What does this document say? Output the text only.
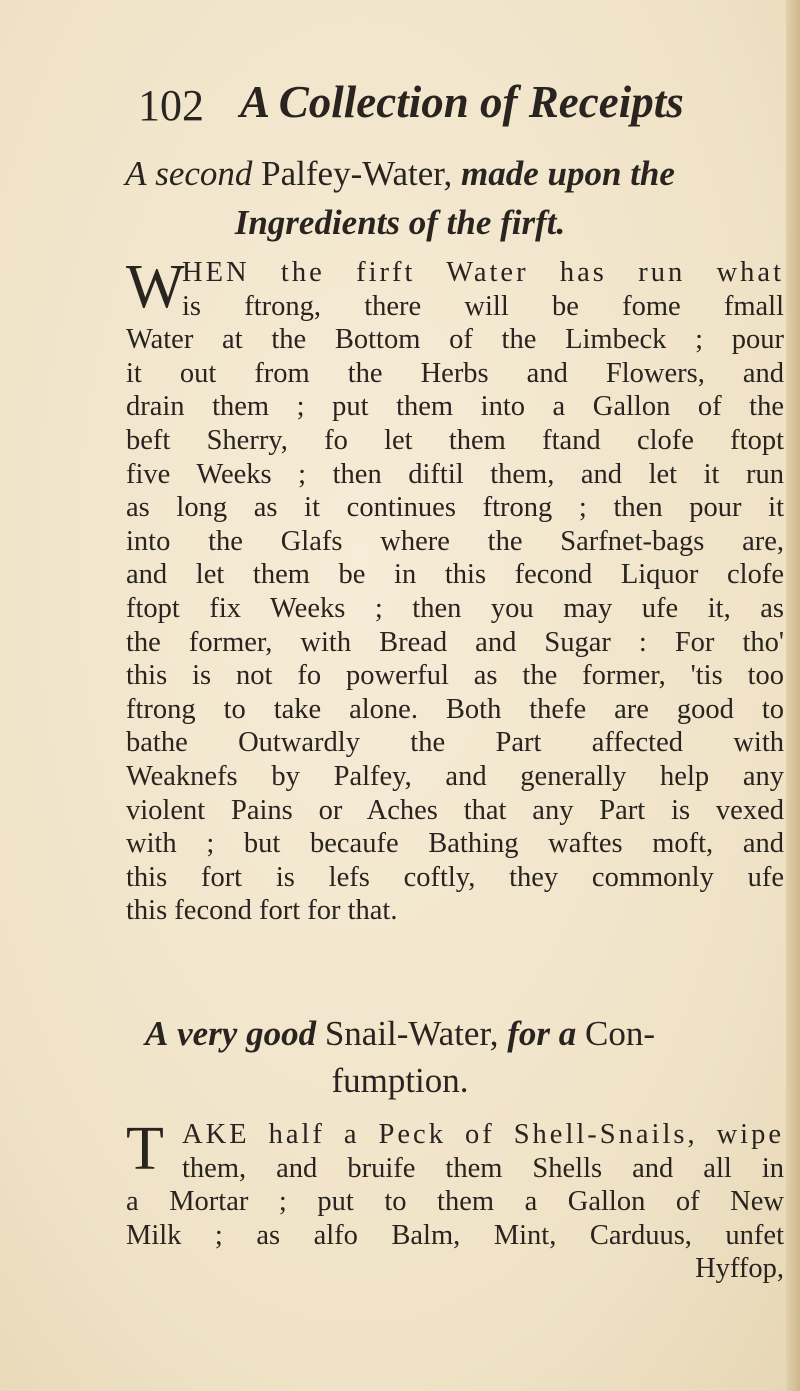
102 A Collection of Receipts
A second Palfey-Water, made upon the
Ingredients of the firft.
W
HEN the firft Water has run what
is ftrong, there will be fome fmall
Water at the Bottom of the Limbeck ; pour
it out from the Herbs and Flowers, and
drain them ; put them into a Gallon of the
beft Sherry, fo let them ftand clofe ftopt
five Weeks ; then diftil them, and let it run
as long as it continues ftrong ; then pour it
into the Glafs where the Sarfnet-bags are,
and let them be in this fecond Liquor clofe
ftopt fix Weeks ; then you may ufe it, as
the former, with Bread and Sugar : For tho'
this is not fo powerful as the former, 'tis too
ftrong to take alone. Both thefe are good to
bathe Outwardly the Part affected with
Weaknefs by Palfey, and generally help any
violent Pains or Aches that any Part is vexed
with ; but becaufe Bathing waftes moft, and
this fort is lefs coftly, they commonly ufe
this fecond fort for that.
A very good Snail-Water, for a Con-
fumption.
T AKE half a Peck of Shell-Snails, wipe
them, and bruife them Shells and all in
a Mortar ; put to them a Gallon of New
Milk ; as alfo Balm, Mint, Carduus, unfet
Hyffop,
